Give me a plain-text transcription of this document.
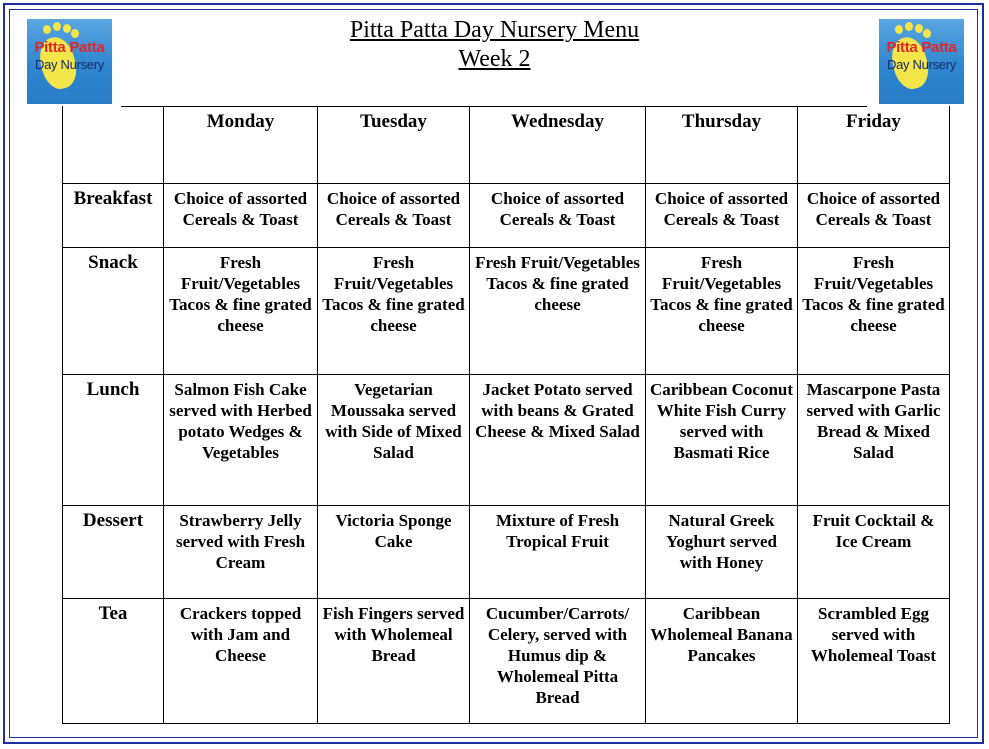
Pitta Patta
Day Nursery
Pitta Patta
Day Nursery
Pitta Patta Day Nursery Menu
Week 2
	Monday	Tuesday	Wednesday	Thursday	Friday
Breakfast	Choice of assorted Cereals & Toast	Choice of assorted Cereals & Toast	Choice of assorted Cereals & Toast	Choice of assorted Cereals & Toast	Choice of assorted Cereals & Toast
Snack	Fresh Fruit/Vegetables Tacos & fine grated cheese	Fresh Fruit/Vegetables Tacos & fine grated cheese	Fresh Fruit/Vegetables Tacos & fine grated cheese	Fresh Fruit/Vegetables Tacos & fine grated cheese	Fresh Fruit/Vegetables Tacos & fine grated cheese
Lunch	Salmon Fish Cake served with Herbed potato Wedges & Vegetables	Vegetarian Moussaka served with Side of Mixed Salad	Jacket Potato served with beans & Grated Cheese & Mixed Salad	Caribbean Coconut White Fish Curry served with Basmati Rice	Mascarpone Pasta served with Garlic Bread & Mixed Salad
Dessert	Strawberry Jelly served with Fresh Cream	Victoria Sponge Cake	Mixture of Fresh Tropical Fruit	Natural Greek Yoghurt served with Honey	Fruit Cocktail & Ice Cream
Tea	Crackers topped with Jam and Cheese	Fish Fingers served with Wholemeal Bread	Cucumber/Carrots/ Celery, served with Humus dip & Wholemeal Pitta Bread	Caribbean Wholemeal Banana Pancakes	Scrambled Egg served with Wholemeal Toast
